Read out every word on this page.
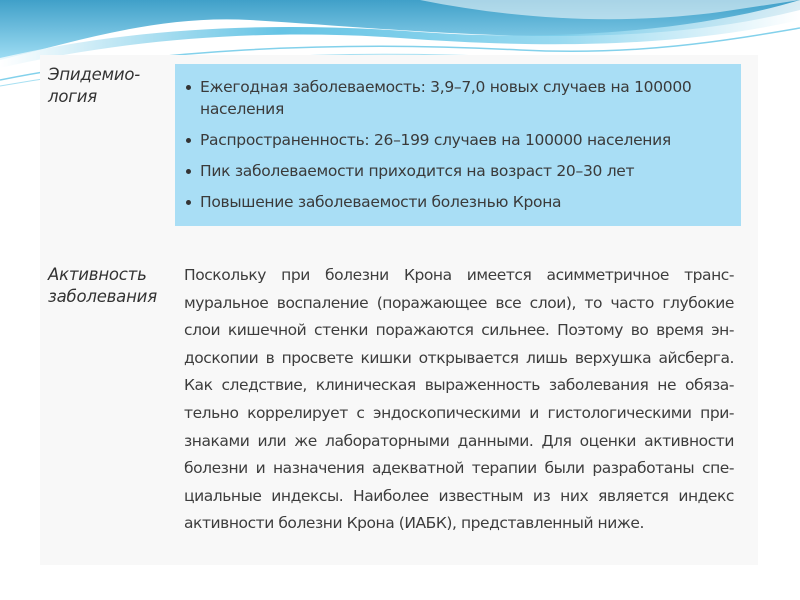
Эпидемио-
логия	Ежегодная заболеваемость: 3,9–7,0 новых случаев на 100000 населения
Распространенность: 26–199 случаев на 100000 населения
Пик заболеваемости приходится на возраст 20–30 лет
Повышение заболеваемости болезнью Крона
Активность
заболевания
Поскольку при болезни Крона имеется асимметричное транс-
муральное воспаление (поражающее все слои), то часто глубокие
слои кишечной стенки поражаются сильнее. Поэтому во время эн-
доскопии в просвете кишки открывается лишь верхушка айсберга.
Как следствие, клиническая выраженность заболевания не обяза-
тельно коррелирует с эндоскопическими и гистологическими при-
знаками или же лабораторными данными. Для оценки активности
болезни и назначения адекватной терапии были разработаны спе-
циальные индексы. Наиболее известным из них является индекс
активности болезни Крона (ИАБК), представленный ниже.
